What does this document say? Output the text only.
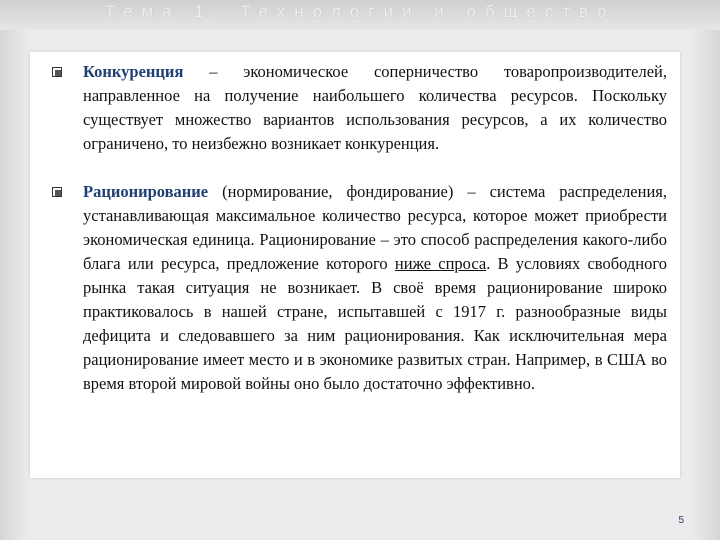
Тема 1. Технологии и общество
Конкуренция – экономическое соперничество товаропроизводителей, направленное на получение наибольшего количества ресурсов. Поскольку существует множество вариантов использования ресурсов, а их количество ограничено, то неизбежно возникает конкуренция.
Рационирование (нормирование, фондирование) – система распределения, устанавливающая максимальное количество ресурса, которое может приобрести экономическая единица. Рационирование – это способ распределения какого-либо блага или ресурса, предложение которого ниже спроса. В условиях свободного рынка такая ситуация не возникает. В своё время рационирование широко практиковалось в нашей стране, испытавшей с 1917 г. разнообразные виды дефицита и следовавшего за ним рационирования. Как исключительная мера рационирование имеет место и в экономике развитых стран. Например, в США во время второй мировой войны оно было достаточно эффективно.
5
